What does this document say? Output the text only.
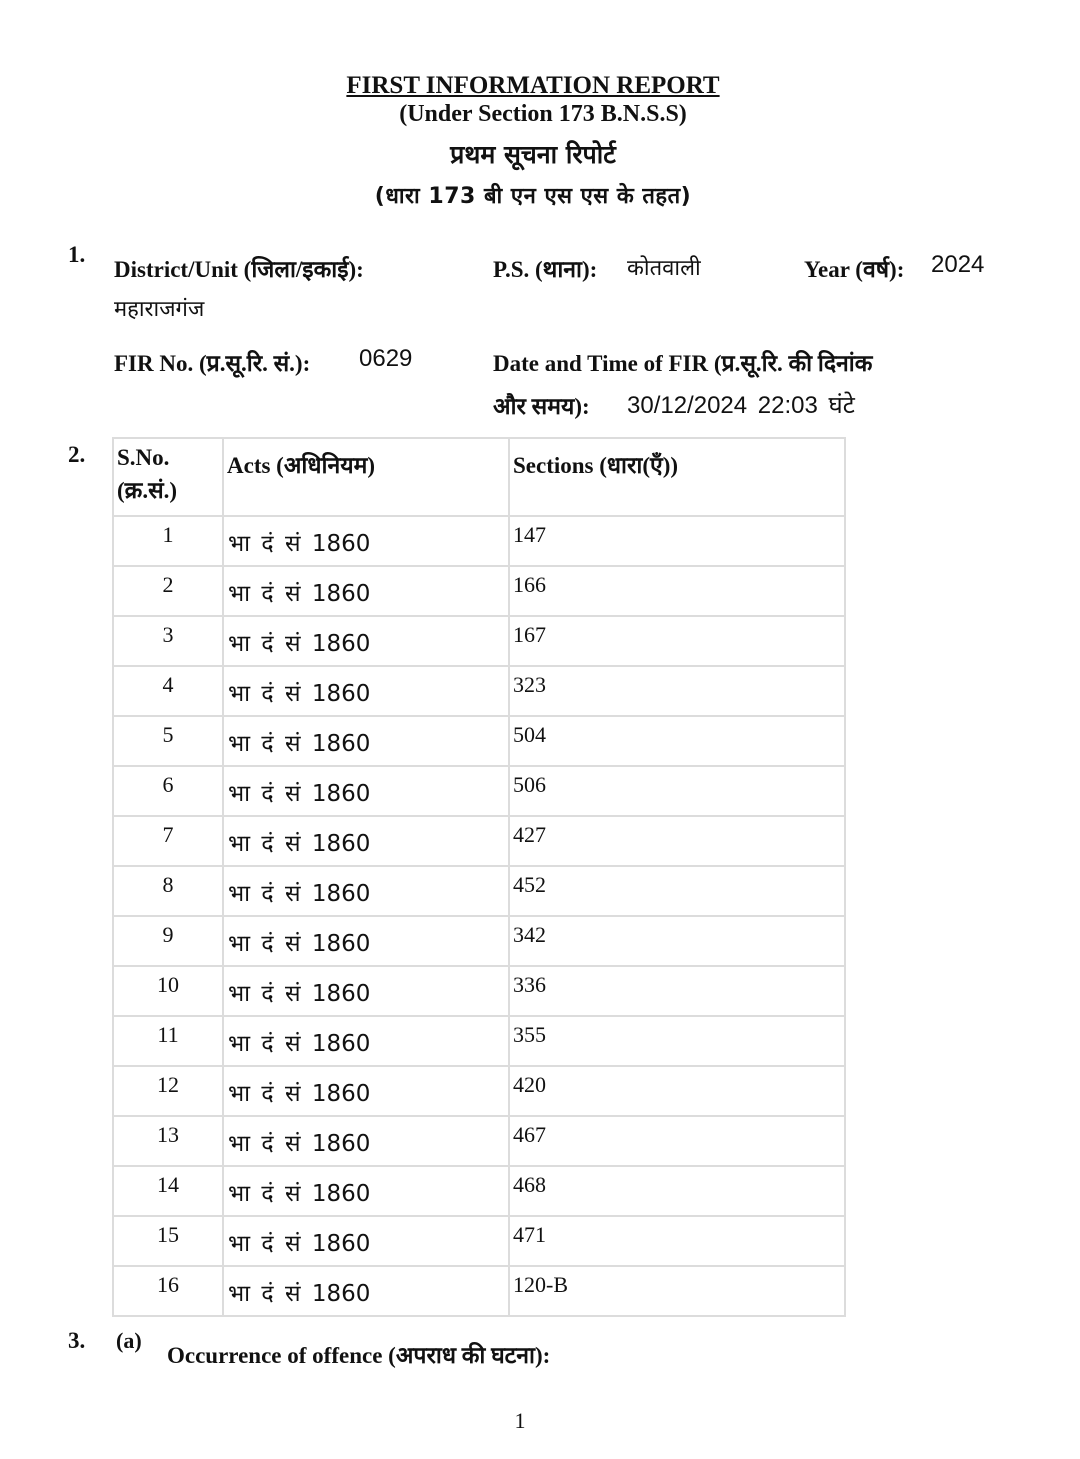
FIRST INFORMATION REPORT
(Under Section 173 B.N.S.S)
प्रथम सूचना रिपोर्ट
(धारा 173 बी एन एस एस के तहत)
1.
District/Unit (जिला/इकाई):
महाराजगंज
P.S. (थाना): कोतवाली	Year (वर्ष): 2024
FIR No. (प्र.सू.रि. सं.): 0629	Date and Time of FIR (प्र.सू.रि. की दिनांक
और समय): 30/12/2024 22:03 घंटे
2. S.No.
(क्र.सं.)	Acts (अधिनियम)	Sections (धारा(एँ))

1	भा दं सं 1860	147

2	भा दं सं 1860	166

3	भा दं सं 1860	167

4	भा दं सं 1860	323

5	भा दं सं 1860	504

6	भा दं सं 1860	506

7	भा दं सं 1860	427

8	भा दं सं 1860	452

9	भा दं सं 1860	342

10	भा दं सं 1860	336

11	भा दं सं 1860	355

12	भा दं सं 1860	420

13	भा दं सं 1860	467

14	भा दं सं 1860	468

15	भा दं सं 1860	471

16	भा दं सं 1860	120-B
3. (a)
Occurrence of offence (अपराध की घटना):
1
